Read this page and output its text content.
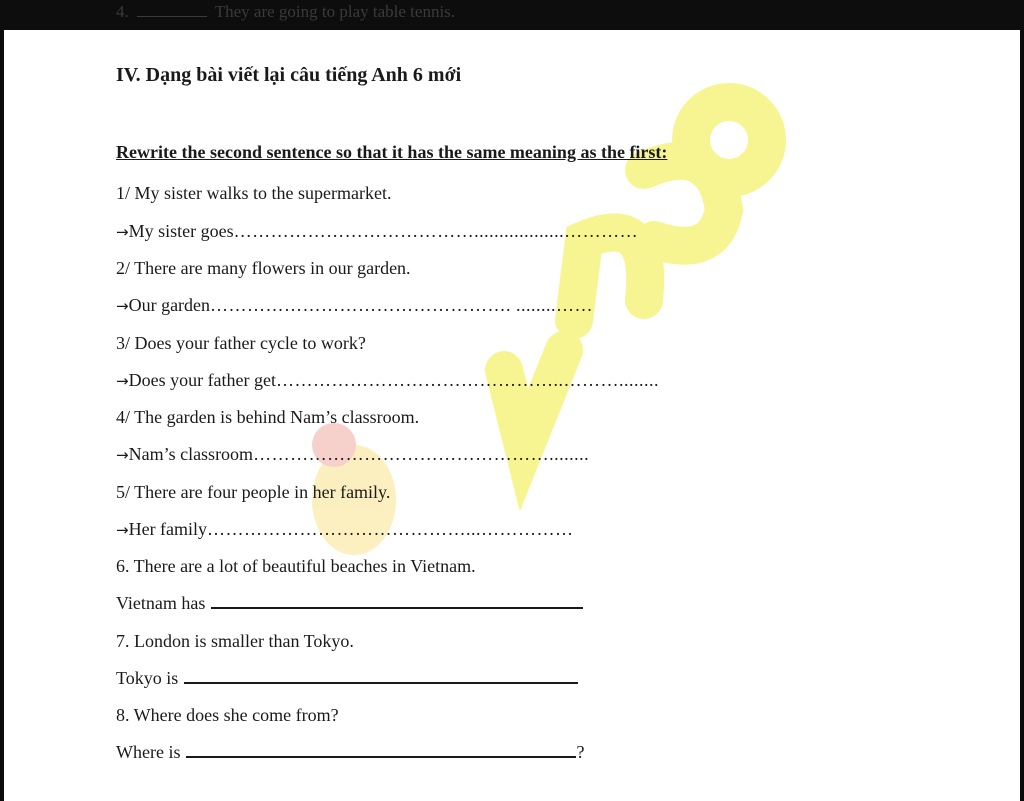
4.	They are going to play table tennis.
IV. Dạng bài viết lại câu tiếng Anh 6 mới
Rewrite the second sentence so that it has the same meaning as the first:
1/ My sister walks to the supermarket.
→My sister goes…………………………………..................…………
2/ There are many flowers in our garden.
→Our garden…………………………………………. ........……
3/ Does your father cycle to work?
→Does your father get………………………………………..………........
4/ The garden is behind Nam’s classroom.
→Nam’s classroom…………………………………………........
5/ There are four people in her family.
→Her family……………………………………...……………
6. There are a lot of beautiful beaches in Vietnam.
Vietnam has
7. London is smaller than Tokyo.
Tokyo is
8. Where does she come from?
Where is	?
